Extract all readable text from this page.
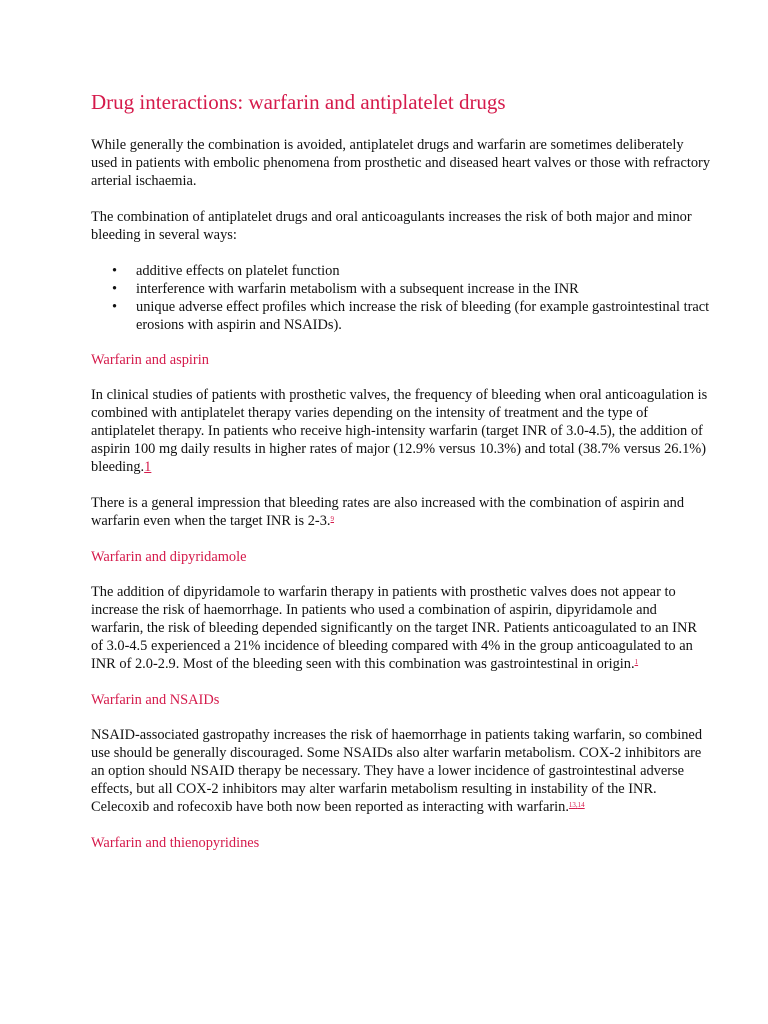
Drug interactions: warfarin and antiplatelet drugs

While generally the combination is avoided, antiplatelet drugs and warfarin are sometimes deliberately used in patients with embolic phenomena from prosthetic and diseased heart valves or those with refractory arterial ischaemia.

The combination of antiplatelet drugs and oral anticoagulants increases the risk of both major and minor bleeding in several ways:

• additive effects on platelet function
• interference with warfarin metabolism with a subsequent increase in the INR
• unique adverse effect profiles which increase the risk of bleeding (for example gastrointestinal tract erosions with aspirin and NSAIDs).
Warfarin and aspirin

In clinical studies of patients with prosthetic valves, the frequency of bleeding when oral anticoagulation is combined with antiplatelet therapy varies depending on the intensity of treatment and the type of antiplatelet therapy. In patients who receive high-intensity warfarin (target INR of 3.0-4.5), the addition of aspirin 100 mg daily results in higher rates of major (12.9% versus 10.3%) and total (38.7% versus 26.1%) bleeding.1

There is a general impression that bleeding rates are also increased with the combination of aspirin and warfarin even when the target INR is 2-3.$^9$

Warfarin and dipyridamole

The addition of dipyridamole to warfarin therapy in patients with prosthetic valves does not appear to increase the risk of haemorrhage. In patients who used a combination of aspirin, dipyridamole and warfarin, the risk of bleeding depended significantly on the target INR. Patients anticoagulated to an INR of 3.0-4.5 experienced a 21% incidence of bleeding compared with 4% in the group anticoagulated to an INR of 2.0-2.9. Most of the bleeding seen with this combination was gastrointestinal in origin.$^1$

Warfarin and NSAIDs

NSAID-associated gastropathy increases the risk of haemorrhage in patients taking warfarin, so combined use should be generally discouraged. Some NSAIDs also alter warfarin metabolism. COX-2 inhibitors are an option should NSAID therapy be necessary. They have a lower incidence of gastrointestinal adverse effects, but all COX-2 inhibitors may alter warfarin metabolism resulting in instability of the INR. Celecoxib and rofecoxib have both now been reported as interacting with warfarin.$^{13,14}$

Warfarin and thienopyridines
